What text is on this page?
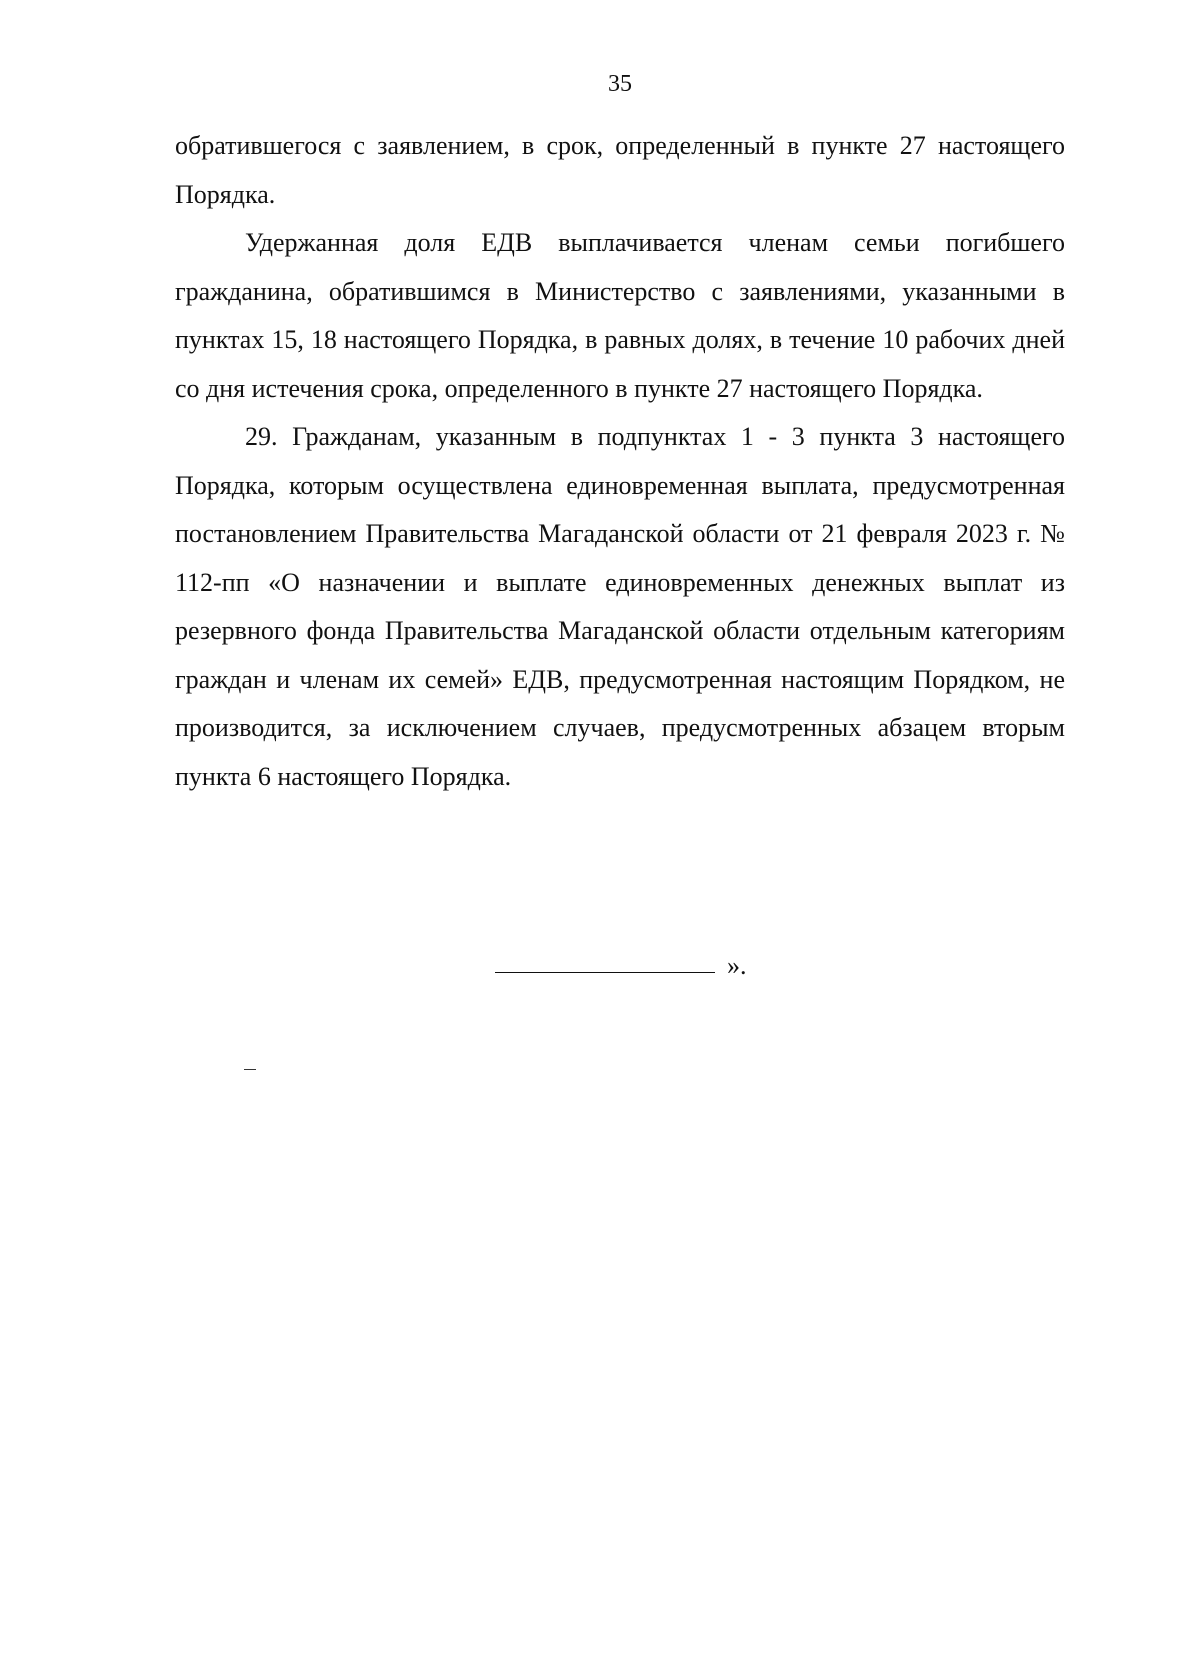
35

обратившегося с заявлением, в срок, определенный в пункте 27 настоящего Порядка.

Удержанная доля ЕДВ выплачивается членам семьи погибшего гражданина, обратившимся в Министерство с заявлениями, указанными в пунктах 15, 18 настоящего Порядка, в равных долях, в течение 10 рабочих дней со дня истечения срока, определенного в пункте 27 настоящего Порядка.

29. Гражданам, указанным в подпунктах 1 - 3 пункта 3 настоящего Порядка, которым осуществлена единовременная выплата, предусмотренная постановлением Правительства Магаданской области от 21 февраля 2023 г. № 112-пп «О назначении и выплате единовременных денежных выплат из резервного фонда Правительства Магаданской области отдельным категориям граждан и членам их семей» ЕДВ, предусмотренная настоящим Порядком, не производится, за исключением случаев, предусмотренных абзацем вторым пункта 6 настоящего Порядка.

».
